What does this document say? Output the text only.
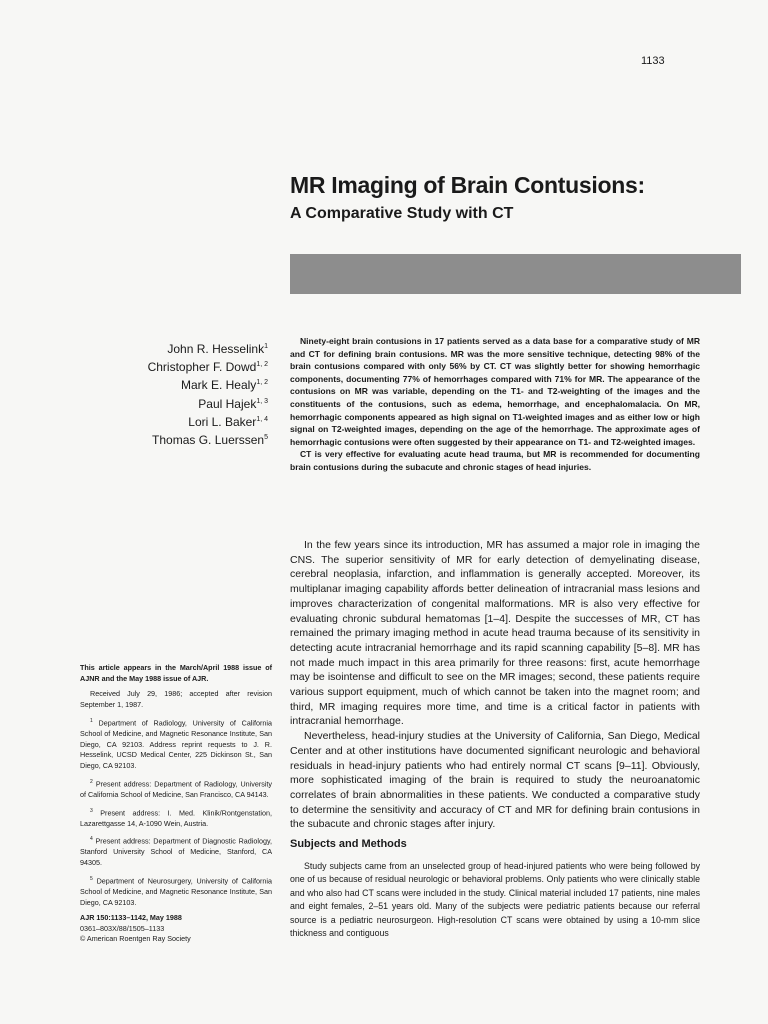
1133
MR Imaging of Brain Contusions:
A Comparative Study with CT
John R. Hesselink$^1$
Christopher F. Dowd$^{1, 2}$
Mark E. Healy$^{1, 2}$
Paul Hajek$^{1, 3}$
Lori L. Baker$^{1, 4}$
Thomas G. Luerssen$^5$

Ninety-eight brain contusions in 17 patients served as a data base for a comparative study of MR and CT for defining brain contusions. MR was the more sensitive technique, detecting 98% of the brain contusions compared with only 56% by CT. CT was slightly better for showing hemorrhagic components, documenting 77% of hemorrhages compared with 71% for MR. The appearance of the contusions on MR was variable, depending on the T1- and T2-weighting of the images and the constituents of the contusions, such as edema, hemorrhage, and encephalomalacia. On MR, hemorrhagic components appeared as high signal on T1-weighted images and as either low or high signal on T2-weighted images, depending on the age of the hemorrhage. The approximate ages of hemorrhagic contusions were often suggested by their appearance on T1- and T2-weighted images.

CT is very effective for evaluating acute head trauma, but MR is recommended for documenting brain contusions during the subacute and chronic stages of head injuries.

In the few years since its introduction, MR has assumed a major role in imaging the CNS. The superior sensitivity of MR for early detection of demyelinating disease, cerebral neoplasia, infarction, and inflammation is generally accepted. Moreover, its multiplanar imaging capability affords better delineation of intracranial mass lesions and improves characterization of congenital malformations. MR is also very effective for evaluating chronic subdural hematomas [1–4]. Despite the successes of MR, CT has remained the primary imaging method in acute head trauma because of its sensitivity in detecting acute intracranial hemorrhage and its rapid scanning capability [5–8]. MR has not made much impact in this area primarily for three reasons: first, acute hemorrhage may be isointense and difficult to see on the MR images; second, these patients require various support equipment, much of which cannot be taken into the magnet room; and third, MR imaging requires more time, and time is a critical factor in patients with intracranial hemorrhage.

Nevertheless, head-injury studies at the University of California, San Diego, Medical Center and at other institutions have documented significant neurologic and behavioral residuals in head-injury patients who had entirely normal CT scans [9–11]. Obviously, more sophisticated imaging of the brain is required to study the neuroanatomic correlates of brain abnormalities in these patients. We conducted a comparative study to determine the sensitivity and accuracy of CT and MR for defining brain contusions in the subacute and chronic stages after injury.

Subjects and Methods

Study subjects came from an unselected group of head-injured patients who were being followed by one of us because of residual neurologic or behavioral problems. Only patients who were clinically stable and who also had CT scans were included in the study. Clinical material included 17 patients, nine males and eight females, 2–51 years old. Many of the subjects were pediatric patients because our referral source is a pediatric neurosurgeon. High-resolution CT scans were obtained by using a 10-mm slice thickness and contiguous

This article appears in the March/April 1988 issue of AJNR and the May 1988 issue of AJR.

Received July 29, 1986; accepted after revision September 1, 1987.

$^1$ Department of Radiology, University of California School of Medicine, and Magnetic Resonance Institute, San Diego, CA 92103. Address reprint requests to J. R. Hesselink, UCSD Medical Center, 225 Dickinson St., San Diego, CA 92103.

$^2$ Present address: Department of Radiology, University of California School of Medicine, San Francisco, CA 94143.

$^3$ Present address: I. Med. Klinik/Rontgenstation, Lazarettgasse 14, A-1090 Wein, Austria.

$^4$ Present address: Department of Diagnostic Radiology, Stanford University School of Medicine, Stanford, CA 94305.

$^5$ Department of Neurosurgery, University of California School of Medicine, and Magnetic Resonance Institute, San Diego, CA 92103.

AJR 150:1133–1142, May 1988
0361–803X/88/1505–1133
© American Roentgen Ray Society
